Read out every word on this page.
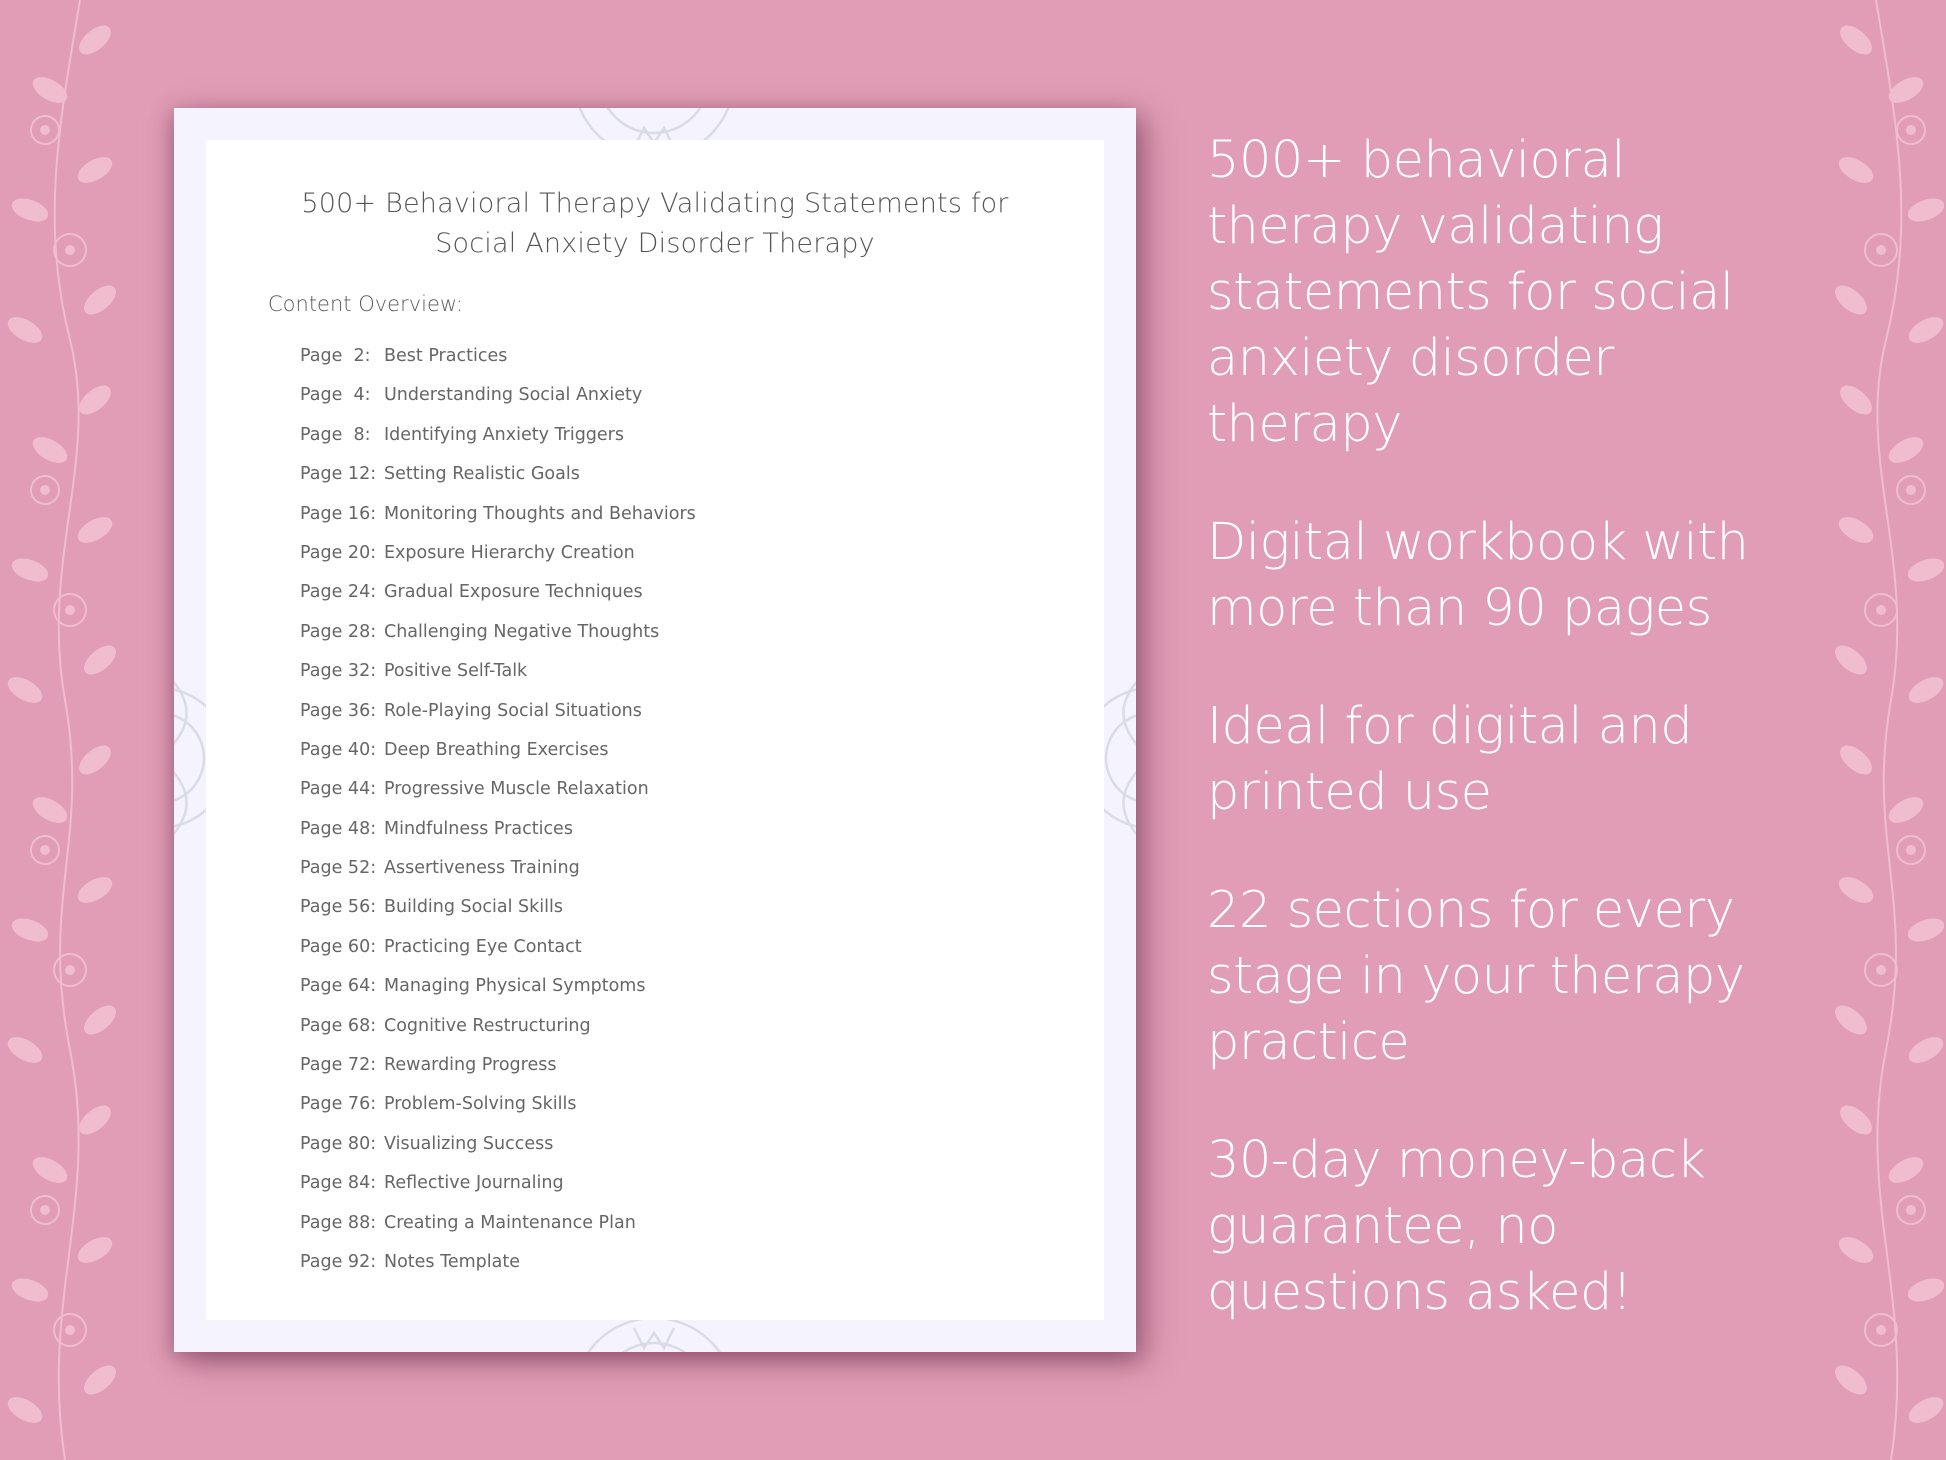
500+ Behavioral Therapy Validating Statements for
Social Anxiety Disorder Therapy
Content Overview:
Page  2: Best Practices
Page  4: Understanding Social Anxiety
Page  8: Identifying Anxiety Triggers
Page 12: Setting Realistic Goals
Page 16: Monitoring Thoughts and Behaviors
Page 20: Exposure Hierarchy Creation
Page 24: Gradual Exposure Techniques
Page 28: Challenging Negative Thoughts
Page 32: Positive Self-Talk
Page 36: Role-Playing Social Situations
Page 40: Deep Breathing Exercises
Page 44: Progressive Muscle Relaxation
Page 48: Mindfulness Practices
Page 52: Assertiveness Training
Page 56: Building Social Skills
Page 60: Practicing Eye Contact
Page 64: Managing Physical Symptoms
Page 68: Cognitive Restructuring
Page 72: Rewarding Progress
Page 76: Problem-Solving Skills
Page 80: Visualizing Success
Page 84: Reflective Journaling
Page 88: Creating a Maintenance Plan
Page 92: Notes Template
500+ behavioral
therapy validating
statements for social
anxiety disorder
therapy
Digital workbook with
more than 90 pages
Ideal for digital and
printed use
22 sections for every
stage in your therapy
practice
30-day money-back
guarantee, no
questions asked!
